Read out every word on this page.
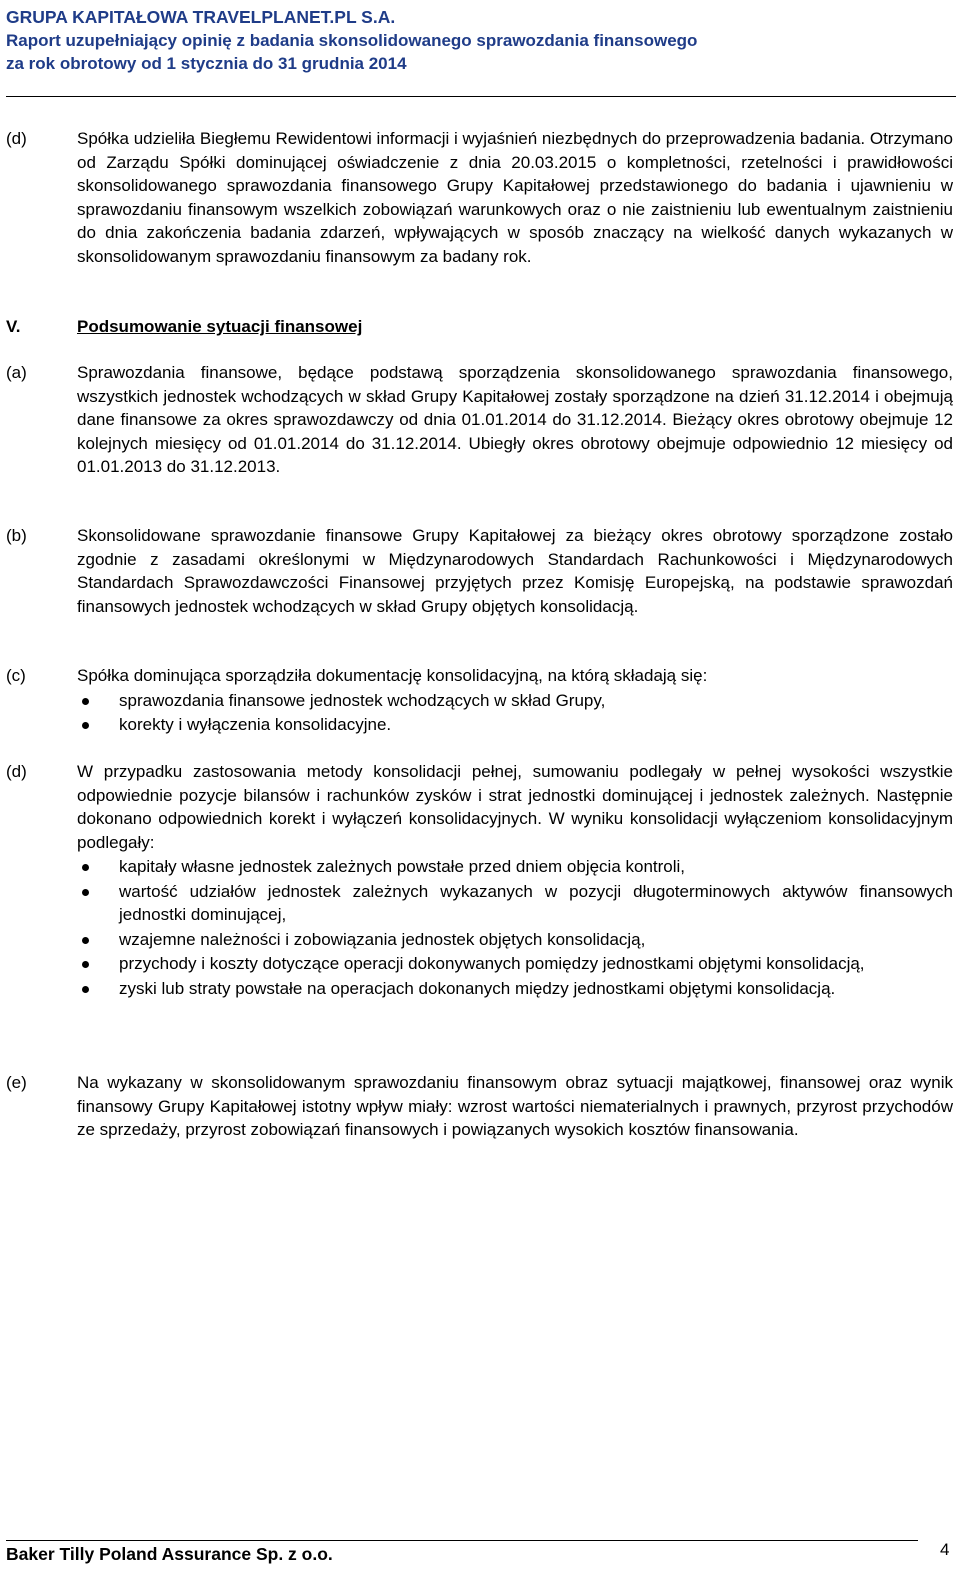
GRUPA KAPITAŁOWA TRAVELPLANET.PL S.A.
Raport uzupełniający opinię z badania skonsolidowanego sprawozdania finansowego
za rok obrotowy od 1 stycznia do 31 grudnia 2014
(d)	Spółka udzieliła Biegłemu Rewidentowi informacji i wyjaśnień niezbędnych do przeprowadzenia badania. Otrzymano od Zarządu Spółki dominującej oświadczenie z dnia 20.03.2015 o kompletności, rzetelności i prawidłowości skonsolidowanego sprawozdania finansowego Grupy Kapitałowej przedstawionego do badania i ujawnieniu w sprawozdaniu finansowym wszelkich zobowiązań warunkowych oraz o nie zaistnieniu lub ewentualnym zaistnieniu do dnia zakończenia badania zdarzeń, wpływających w sposób znaczący na wielkość danych wykazanych w skonsolidowanym sprawozdaniu finansowym za badany rok.

V.	Podsumowanie sytuacji finansowej
(a)	Sprawozdania finansowe, będące podstawą sporządzenia skonsolidowanego sprawozdania finansowego, wszystkich jednostek wchodzących w skład Grupy Kapitałowej zostały sporządzone na dzień 31.12.2014 i obejmują dane finansowe za okres sprawozdawczy od dnia 01.01.2014 do 31.12.2014. Bieżący okres obrotowy obejmuje 12 kolejnych miesięcy od 01.01.2014 do 31.12.2014. Ubiegły okres obrotowy obejmuje odpowiednio 12 miesięcy od 01.01.2013 do 31.12.2013.

(b)	Skonsolidowane sprawozdanie finansowe Grupy Kapitałowej za bieżący okres obrotowy sporządzone zostało zgodnie z zasadami określonymi w Międzynarodowych Standardach Rachunkowości i Międzynarodowych Standardach Sprawozdawczości Finansowej przyjętych przez Komisję Europejską, na podstawie sprawozdań finansowych jednostek wchodzących w skład Grupy objętych konsolidacją.

(c)	Spółka dominująca sporządziła dokumentację konsolidacyjną, na którą składają się:

sprawozdania finansowe jednostek wchodzących w skład Grupy,
korekty i wyłączenia konsolidacyjne.
(d)	W przypadku zastosowania metody konsolidacji pełnej, sumowaniu podlegały w pełnej wysokości wszystkie odpowiednie pozycje bilansów i rachunków zysków i strat jednostki dominującej i jednostek zależnych. Następnie dokonano odpowiednich korekt i wyłączeń konsolidacyjnych. W wyniku konsolidacji wyłączeniom konsolidacyjnym podlegały:

kapitały własne jednostek zależnych powstałe przed dniem objęcia kontroli,
wartość udziałów jednostek zależnych wykazanych w pozycji długoterminowych aktywów finansowych jednostki dominującej,
wzajemne należności i zobowiązania jednostek objętych konsolidacją,
przychody i koszty dotyczące operacji dokonywanych pomiędzy jednostkami objętymi konsolidacją,
zyski lub straty powstałe na operacjach dokonanych między jednostkami objętymi konsolidacją.
(e)	Na wykazany w skonsolidowanym sprawozdaniu finansowym obraz sytuacji majątkowej, finansowej oraz wynik finansowy Grupy Kapitałowej istotny wpływ miały: wzrost wartości niematerialnych i prawnych, przyrost przychodów ze sprzedaży, przyrost zobowiązań finansowych i powiązanych wysokich kosztów finansowania.

Baker Tilly Poland Assurance Sp. z o.o.	4
